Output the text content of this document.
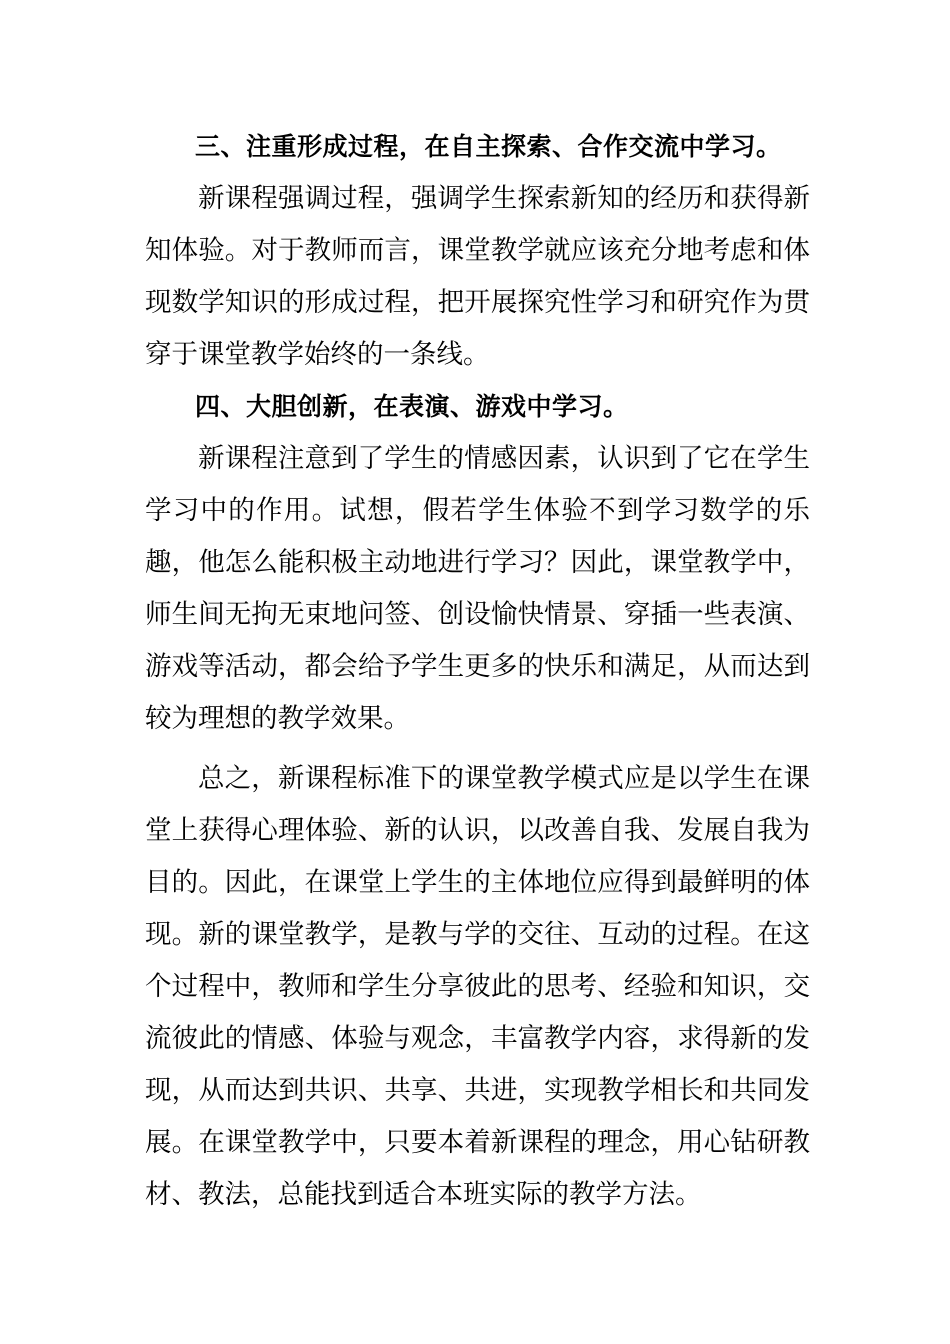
三、注重形成过程，在自主探索、合作交流中学习。

新课程强调过程，强调学生探索新知的经历和获得新知体验。对于教师而言，课堂教学就应该充分地考虑和体现数学知识的形成过程，把开展探究性学习和研究作为贯穿于课堂教学始终的一条线。

四、大胆创新，在表演、游戏中学习。

新课程注意到了学生的情感因素，认识到了它在学生学习中的作用。试想，假若学生体验不到学习数学的乐趣，他怎么能积极主动地进行学习？因此，课堂教学中，师生间无拘无束地问签、创设愉快情景、穿插一些表演、游戏等活动，都会给予学生更多的快乐和满足，从而达到较为理想的教学效果。

总之，新课程标准下的课堂教学模式应是以学生在课堂上获得心理体验、新的认识，以改善自我、发展自我为目的。因此，在课堂上学生的主体地位应得到最鲜明的体现。新的课堂教学，是教与学的交往、互动的过程。在这个过程中，教师和学生分享彼此的思考、经验和知识，交流彼此的情感、体验与观念，丰富教学内容，求得新的发现，从而达到共识、共享、共进，实现教学相长和共同发展。在课堂教学中，只要本着新课程的理念，用心钻研教材、教法，总能找到适合本班实际的教学方法。
